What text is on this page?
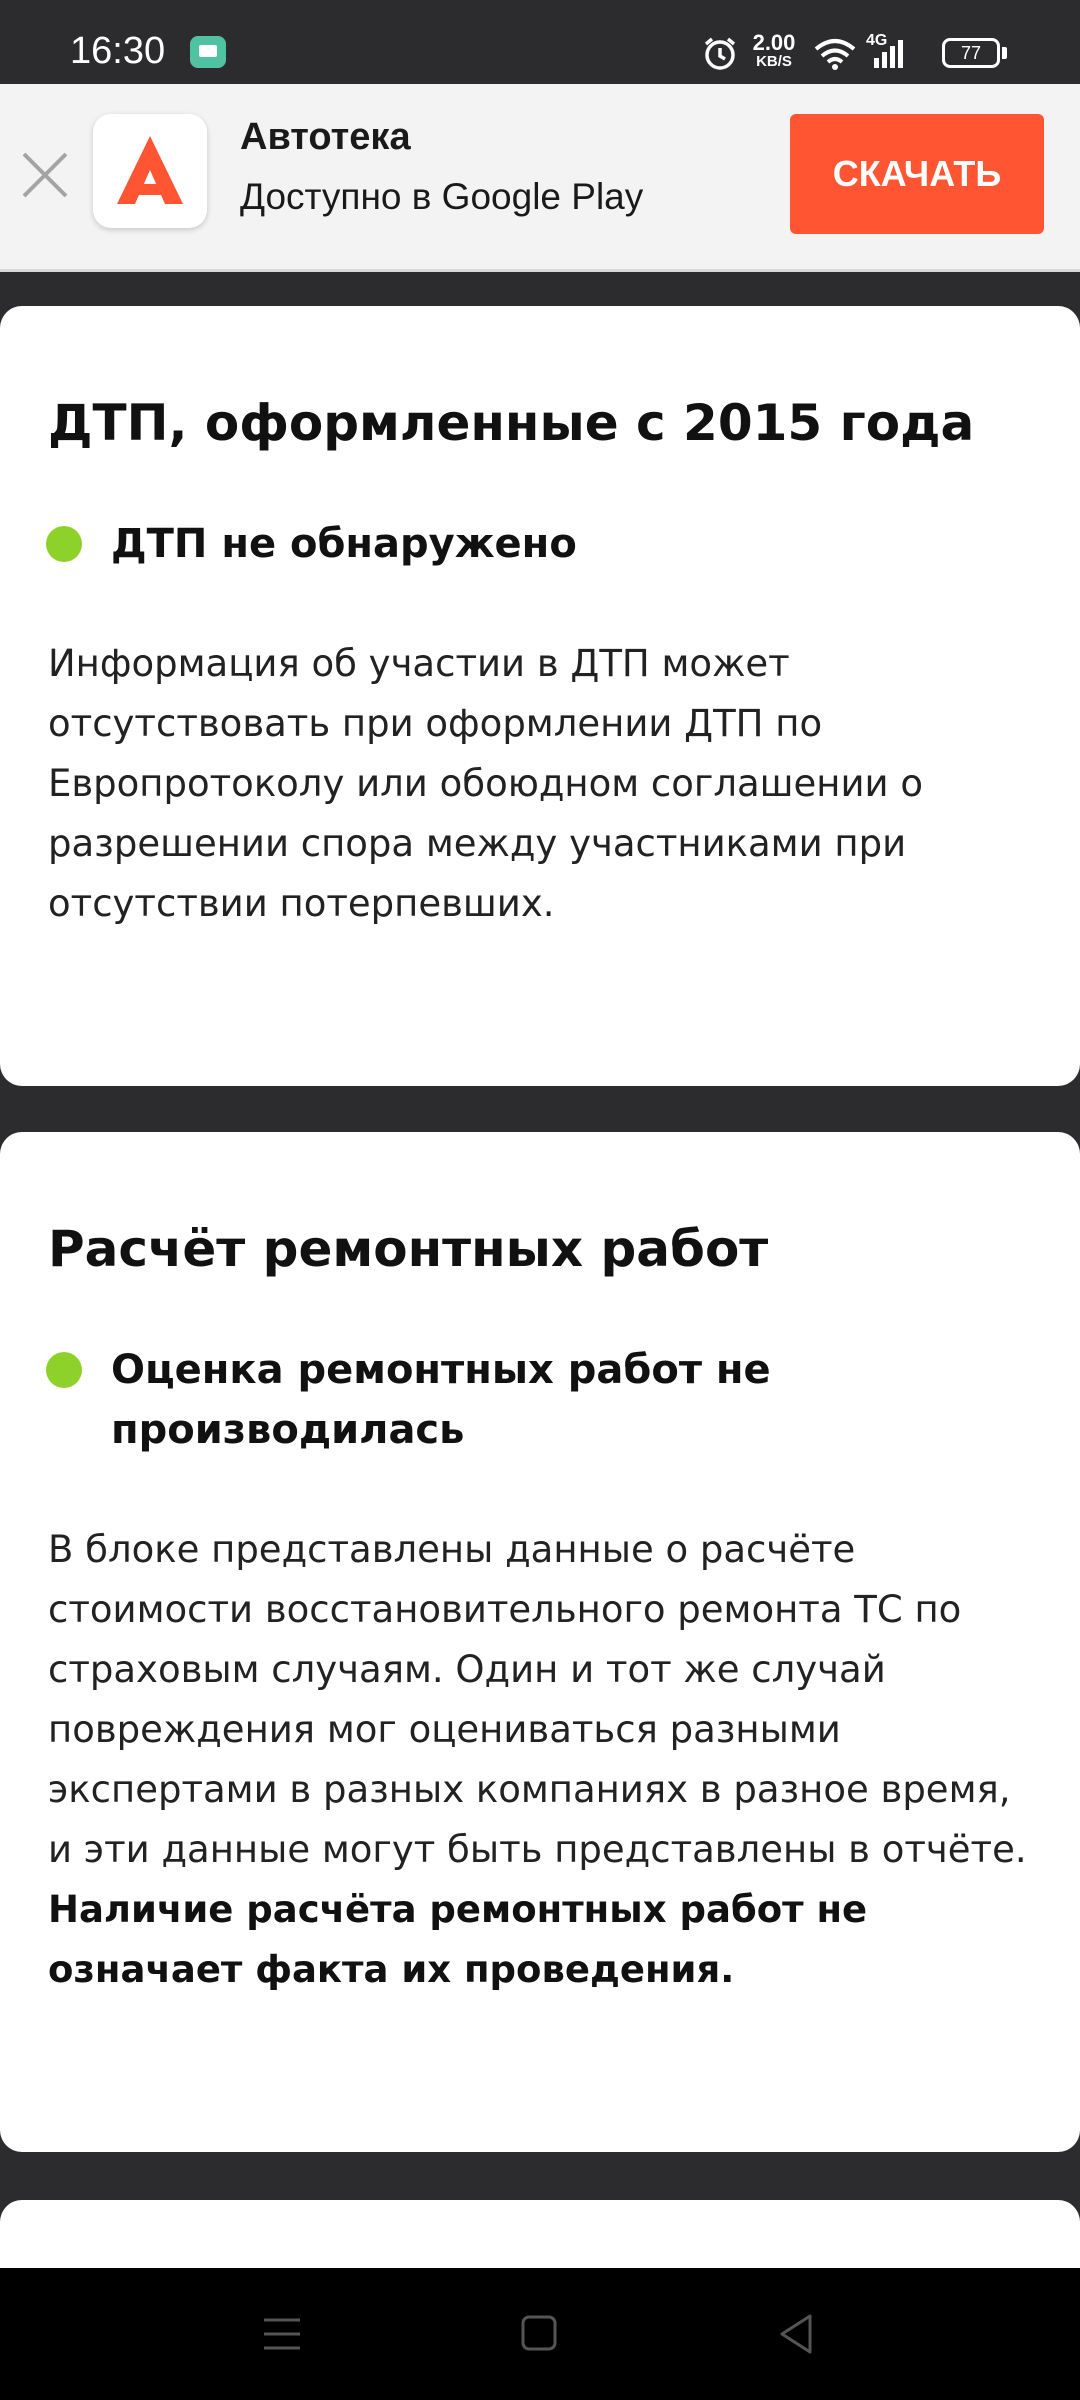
16:30	2.00
KB/S
4G
77
Автотека
Доступно в Google Play
СКАЧАТЬ
ДТП, оформленные с 2015 года
ДТП не обнаружено
Информация об участии в ДТП может отсутствовать при оформлении ДТП по Европротоколу или обоюдном соглашении о разрешении спора между участниками при отсутствии потерпевших.
Расчёт ремонтных работ
Оценка ремонтных работ не производилась
В блоке представлены данные о расчёте стоимости восстановительного ремонта ТС по страховым случаям. Один и тот же случай повреждения мог оцениваться разными экспертами в разных компаниях в разное время, и эти данные могут быть представлены в отчёте. Наличие расчёта ремонтных работ не означает факта их проведения.
